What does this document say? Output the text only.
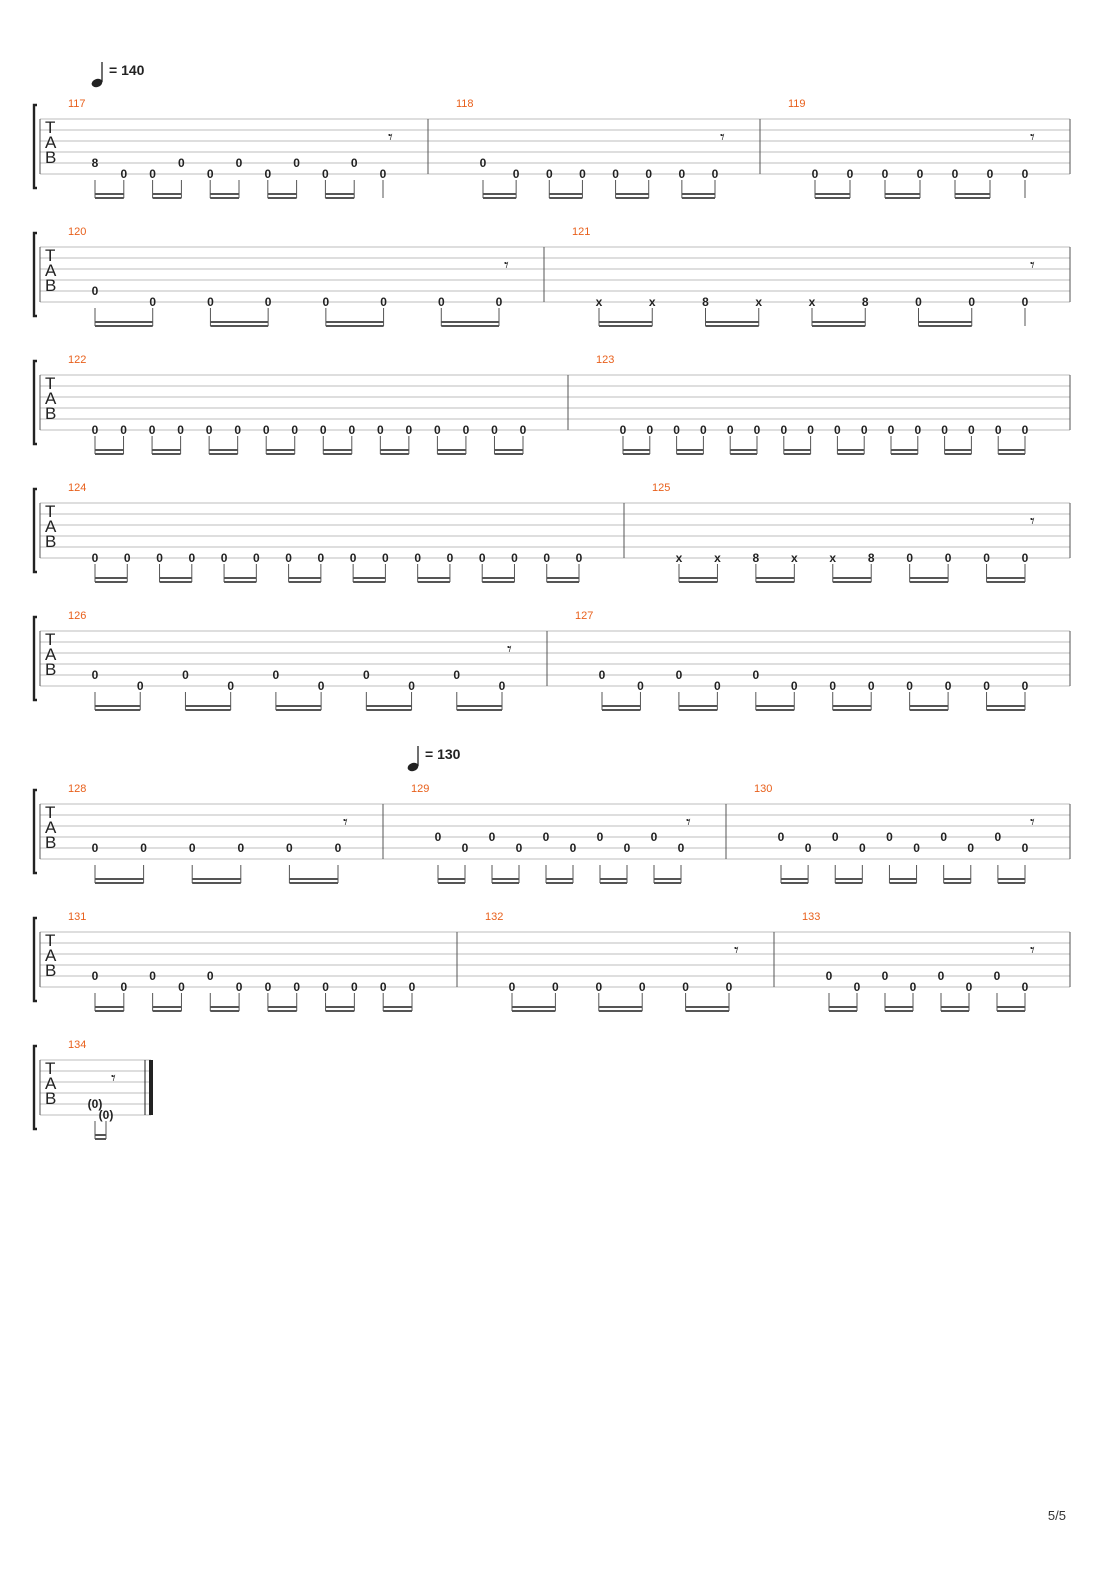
= 140
= 130
T
A
B
117
8
0 0
0
0
0
0
0
0
0
0
𝄾
118
0
0 0 0 0 0 0 0
𝄾
119
0 0 0 0 0 0 0
𝄾
T
A
B
120
0
0	0	0	0	0	0	0
𝄾
121
x	x	8	x	x	8	0	0	0
𝄾
T
A
B
122
0 0 0 0 0 0 0 0 0 0 0 0 0 0 0 0
123
0 0 0 0 0 0 0 0 0 0 0 0 0 0 0 0
T
A
B
124
0 0 0 0 0 0 0 0 0 0 0 0 0 0 0 0
125
x	x	8	x	x	8	0	0	0	0
𝄾
T
A
B
126
0
0
0
0
0
0
0
0
0
0
𝄾
127
0
0
0
0
0
0	0	0	0	0	0	0
T
A
B
128
0	0	0	0	0	0
𝄾
129
0
0
0
0
0
0
0
0
0
0
𝄾
130
0
0
0
0
0
0
0
0
0
0
𝄾
T
A
B
131
0
0
0
0
0
0 0 0 0 0 0 0
132
0	0	0	0	0	0
𝄾
133
0
0
0
0
0
0
0
0
𝄾
T
A
B
134
(0)
(0)
𝄾
5/5
